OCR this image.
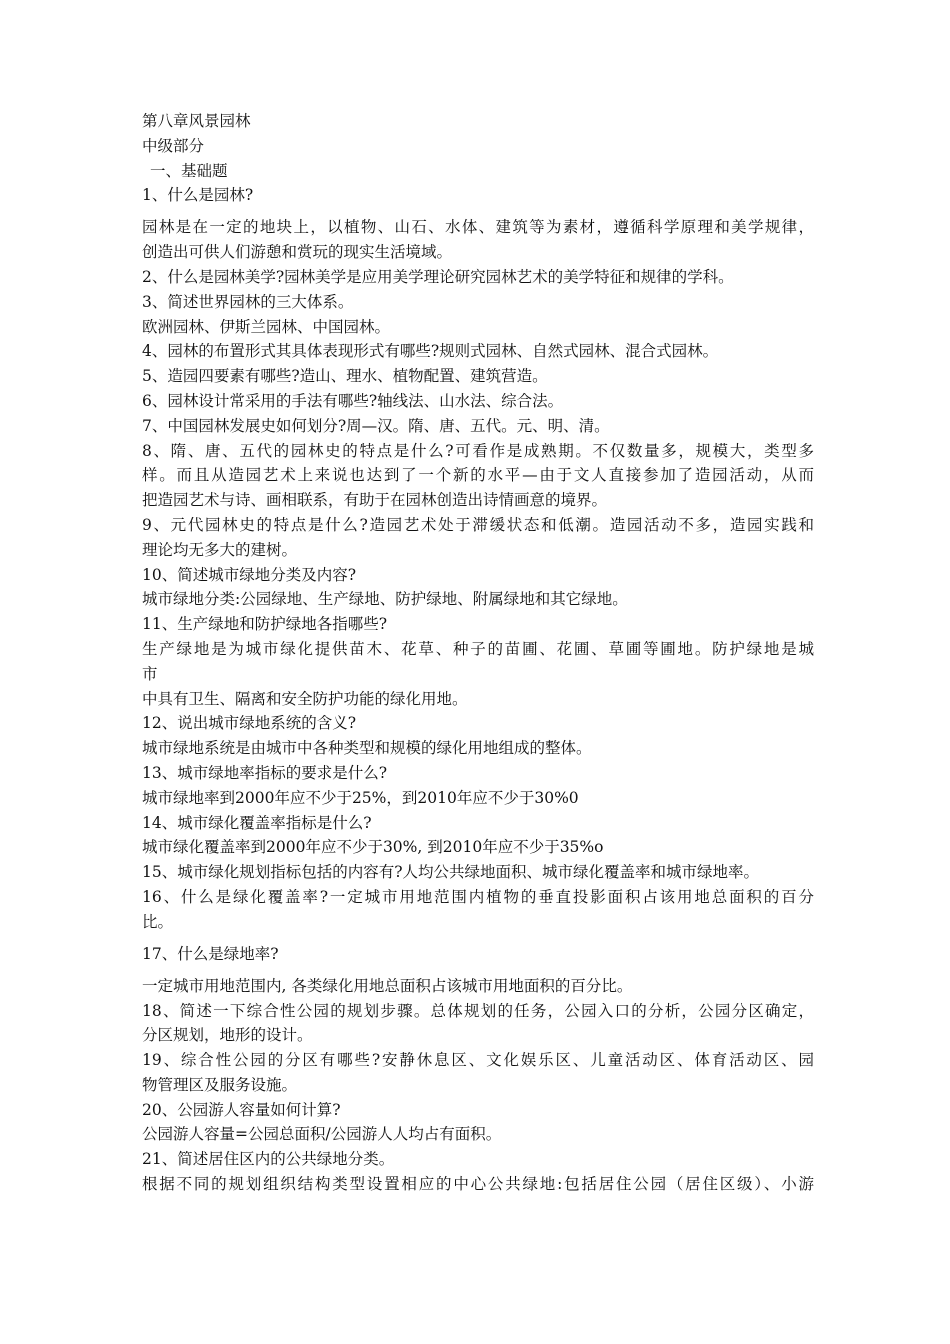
第八章风景园林
中级部分
一、基础题
1、什么是园林?
园林是在一定的地块上，以植物、山石、水体、建筑等为素材，遵循科学原理和美学规律，
创造出可供人们游憩和赏玩的现实生活境域。
2、什么是园林美学?园林美学是应用美学理论研究园林艺术的美学特征和规律的学科。
3、简述世界园林的三大体系。
欧洲园林、伊斯兰园林、中国园林。
4、园林的布置形式其具体表现形式有哪些?规则式园林、自然式园林、混合式园林。
5、造园四要素有哪些?造山、理水、植物配置、建筑营造。
6、园林设计常采用的手法有哪些?轴线法、山水法、综合法。
7、中国园林发展史如何划分?周—汉。隋、唐、五代。元、明、清。
8、隋、唐、五代的园林史的特点是什么?可看作是成熟期。不仅数量多，规模大，类型多
样。而且从造园艺术上来说也达到了一个新的水平—由于文人直接参加了造园活动，从而
把造园艺术与诗、画相联系，有助于在园林创造出诗情画意的境界。
9、元代园林史的特点是什么?造园艺术处于滞缓状态和低潮。造园活动不多，造园实践和
理论均无多大的建树。
10、简述城市绿地分类及内容?
城市绿地分类:公园绿地、生产绿地、防护绿地、附属绿地和其它绿地。
11、生产绿地和防护绿地各指哪些?
生产绿地是为城市绿化提供苗木、花草、种子的苗圃、花圃、草圃等圃地。防护绿地是城
市
中具有卫生、隔离和安全防护功能的绿化用地。
12、说出城市绿地系统的含义?
城市绿地系统是由城市中各种类型和规模的绿化用地组成的整体。
13、城市绿地率指标的要求是什么?
城市绿地率到2000年应不少于25%，到2010年应不少于30%0
14、城市绿化覆盖率指标是什么?
城市绿化覆盖率到2000年应不少于30%, 到2010年应不少于35%o
15、城市绿化规划指标包括的内容有?人均公共绿地面积、城市绿化覆盖率和城市绿地率。
16、什么是绿化覆盖率?一定城市用地范围内植物的垂直投影面积占该用地总面积的百分
比。
17、什么是绿地率?
一定城市用地范围内, 各类绿化用地总面积占该城市用地面积的百分比。
18、简述一下综合性公园的规划步骤。总体规划的任务，公园入口的分析，公园分区确定，
分区规划，地形的设计。
19、综合性公园的分区有哪些?安静休息区、文化娱乐区、儿童活动区、体育活动区、园
物管理区及服务设施。
20、公园游人容量如何计算?
公园游人容量=公园总面积/公园游人人均占有面积。
21、简述居住区内的公共绿地分类。
根据不同的规划组织结构类型设置相应的中心公共绿地:包括居住公园（居住区级）、小游
